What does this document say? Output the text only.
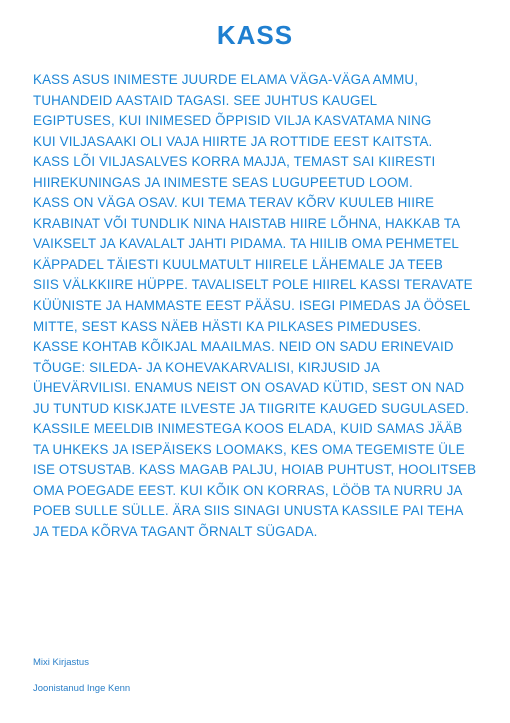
KASS
KASS ASUS INIMESTE JUURDE ELAMA VÄGA-VÄGA AMMU,
TUHANDEID AASTAID TAGASI. SEE JUHTUS KAUGEL
EGIPTUSES, KUI INIMESED ÕPPISID VILJA KASVATAMA NING
KUI VILJASAAKI OLI VAJA HIIRTE JA ROTTIDE EEST KAITSTA.
KASS LÕI VILJASALVES KORRA MAJJA, TEMAST SAI KIIRESTI
HIIREKUNINGAS JA INIMESTE SEAS LUGUPEETUD LOOM.
KASS ON VÄGA OSAV. KUI TEMA TERAV KÕRV KUULEB HIIRE
KRABINAT VÕI TUNDLIK NINA HAISTAB HIIRE LÕHNA, HAKKAB TA
VAIKSELT JA KAVALALT JAHTI PIDAMA. TA HIILIB OMA PEHMETEL
KÄPPADEL TÄIESTI KUULMATULT HIIRELE LÄHEMALE JA TEEB
SIIS VÄLKKIIRE HÜPPE. TAVALISELT POLE HIIREL KASSI TERAVATE
KÜÜNISTE JA HAMMASTE EEST PÄÄSU. ISEGI PIMEDAS JA ÖÖSEL
MITTE, SEST KASS NÄEB HÄSTI KA PILKASES PIMEDUSES.
KASSE KOHTAB KÕIKJAL MAAILMAS. NEID ON SADU ERINEVAID
TÕUGE: SILEDA- JA KOHEVAKARVALISI, KIRJUSID JA
ÜHEVÄRVILISI. ENAMUS NEIST ON OSAVAD KÜTID, SEST ON NAD
JU TUNTUD KISKJATE ILVESTE JA TIIGRITE KAUGED SUGULASED.
KASSILE MEELDIB INIMESTEGA KOOS ELADA, KUID SAMAS JÄÄB
TA UHKEKS JA ISEPÄISEKS LOOMAKS, KES OMA TEGEMISTE ÜLE
ISE OTSUSTAB. KASS MAGAB PALJU, HOIAB PUHTUST, HOOLITSEB
OMA POEGADE EEST. KUI KÕIK ON KORRAS, LÖÖB TA NURRU JA
POEB SULLE SÜLLE. ÄRA SIIS SINAGI UNUSTA KASSILE PAI TEHA
JA TEDA KÕRVA TAGANT ÕRNALT SÜGADA.
Mixi Kirjastus
Joonistanud Inge Kenn
